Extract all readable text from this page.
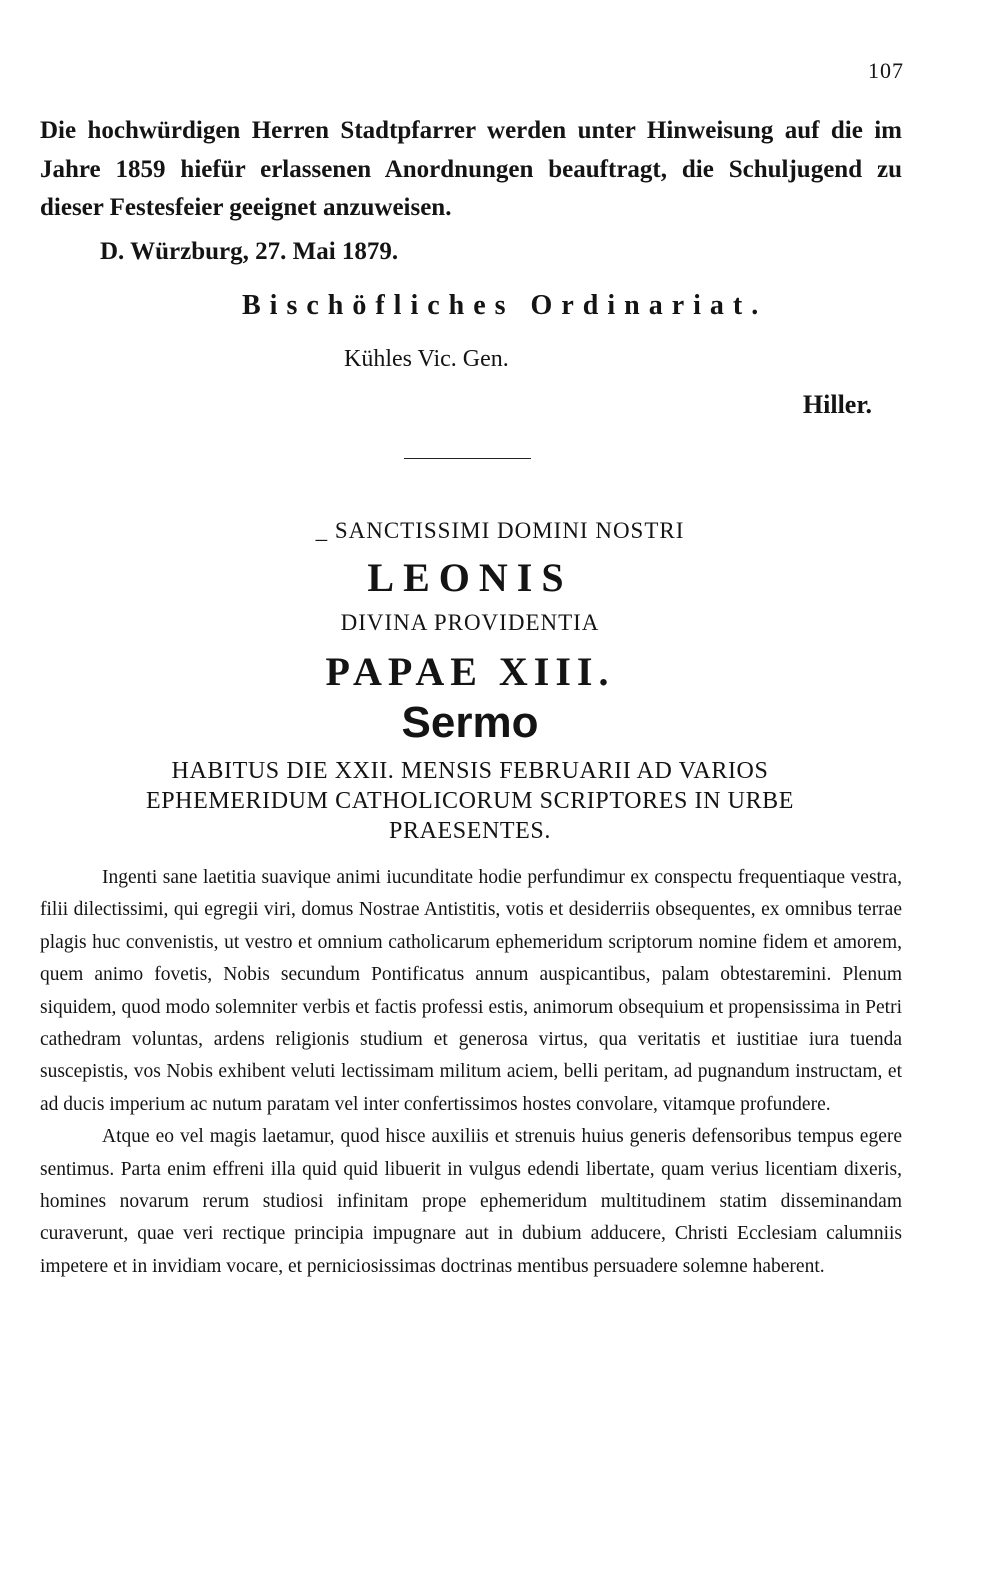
107
Die hochwürdigen Herren Stadtpfarrer werden unter Hinweisung auf die im Jahre 1859 hiefür erlassenen Anordnungen beauftragt, die Schuljugend zu dieser Festesfeier geeignet anzuweisen.
D. Würzburg, 27. Mai 1879.
Bischöfliches Ordinariat.
Kühles Vic. Gen.
Hiller.
_ SANCTISSIMI DOMINI NOSTRI
LEONIS
DIVINA PROVIDENTIA
PAPAE XIII.
Sermo
HABITUS DIE XXII. MENSIS FEBRUARII AD VARIOS EPHEMERIDUM CATHOLICORUM SCRIPTORES IN URBE PRAESENTES.

Ingenti sane laetitia suavique animi iucunditate hodie perfundimur ex conspectu frequentiaque vestra, filii dilectissimi, qui egregii viri, domus Nostrae Antistitis, votis et desiderriis obsequentes, ex omnibus terrae plagis huc convenistis, ut vestro et omnium catholicarum ephemeridum scriptorum nomine fidem et amorem, quem animo fovetis, Nobis secundum Pontificatus annum auspicantibus, palam obtestaremini. Plenum siquidem, quod modo solemniter verbis et factis professi estis, animorum obsequium et propensissima in Petri cathedram voluntas, ardens religionis studium et generosa virtus, qua veritatis et iustitiae iura tuenda suscepistis, vos Nobis exhibent veluti lectissimam militum aciem, belli peritam, ad pugnandum instructam, et ad ducis imperium ac nutum paratam vel inter confertissimos hostes convolare, vitamque profundere.

Atque eo vel magis laetamur, quod hisce auxiliis et strenuis huius generis defensoribus tempus egere sentimus. Parta enim effreni illa quid quid libuerit in vulgus edendi libertate, quam verius licentiam dixeris, homines novarum rerum studiosi infinitam prope ephemeridum multitudinem statim disseminandam curaverunt, quae veri rectique principia impugnare aut in dubium adducere, Christi Ecclesiam calumniis impetere et in invidiam vocare, et perniciosissimas doctrinas mentibus persuadere solemne haberent.
